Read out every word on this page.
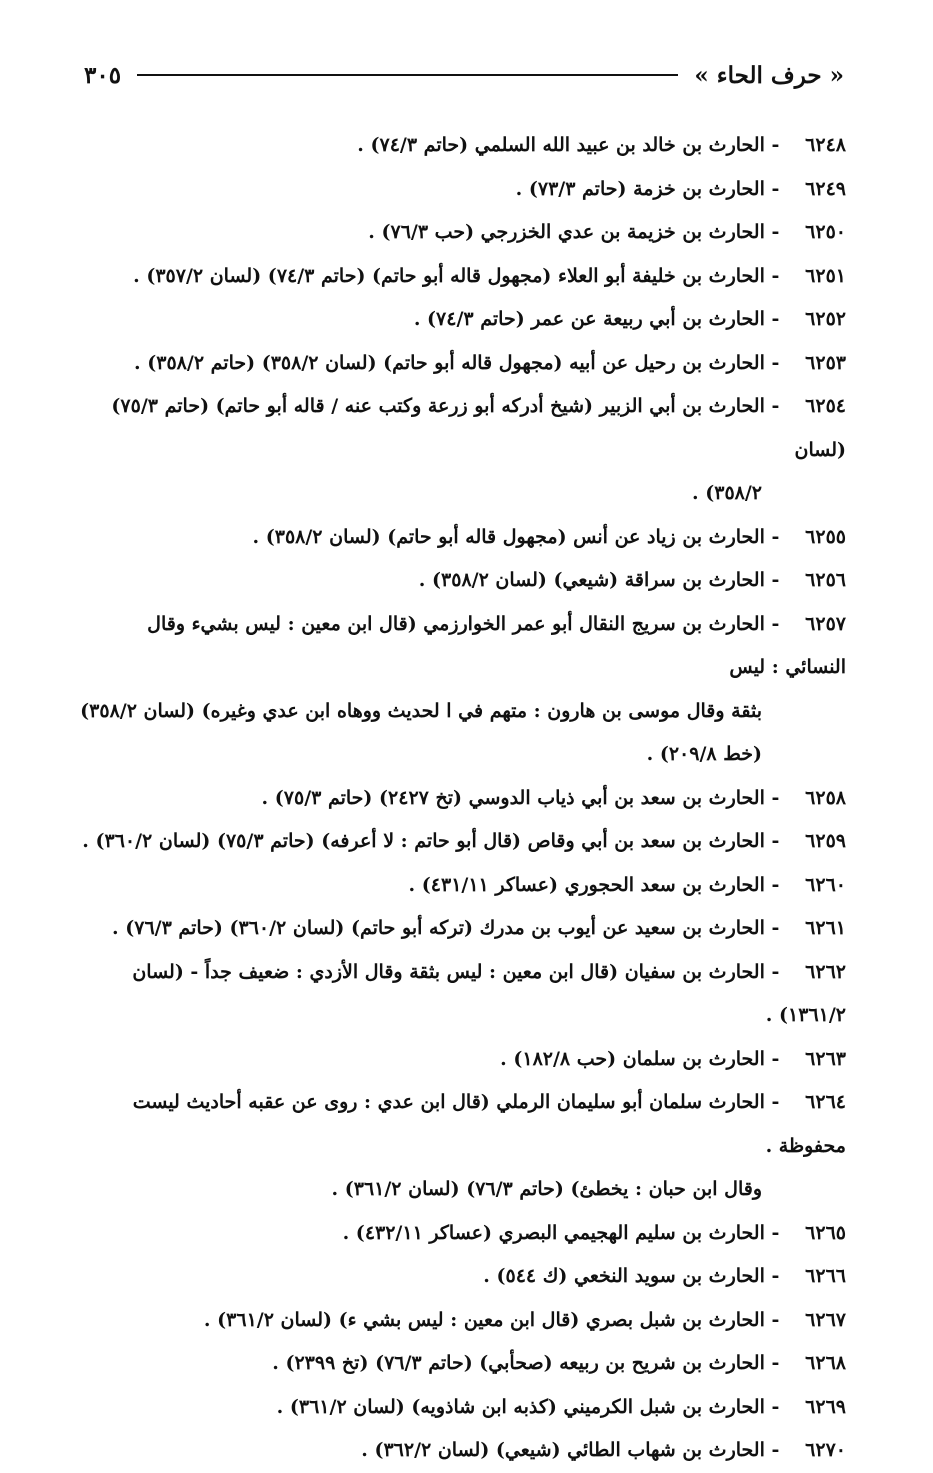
« حرف الحاء »
٣٠٥

٦٢٤٨ - الحارث بن خالد بن عبيد الله السلمي (حاتم ٧٤/٣) .

٦٢٤٩ - الحارث بن خزمة (حاتم ٧٣/٣) .

٦٢٥٠ - الحارث بن خزيمة بن عدي الخزرجي (حب ٧٦/٣) .

٦٢٥١ - الحارث بن خليفة أبو العلاء (مجهول قاله أبو حاتم) (حاتم ٧٤/٣) (لسان ٣٥٧/٢) .

٦٢٥٢ - الحارث بن أبي ربيعة عن عمر (حاتم ٧٤/٣) .

٦٢٥٣ - الحارث بن رحيل عن أبيه (مجهول قاله أبو حاتم) (لسان ٣٥٨/٢) (حاتم ٣٥٨/٢) .

٦٢٥٤ - الحارث بن أبي الزبير (شيخ أدركه أبو زرعة وكتب عنه / قاله أبو حاتم) (حاتم ٧٥/٣) (لسان

٣٥٨/٢) .

٦٢٥٥ - الحارث بن زياد عن أنس (مجهول قاله أبو حاتم) (لسان ٣٥٨/٢) .

٦٢٥٦ - الحارث بن سراقة (شيعي) (لسان ٣٥٨/٢) .

٦٢٥٧ - الحارث بن سريج النقال أبو عمر الخوارزمي (قال ابن معين : ليس بشيء وقال النسائي : ليس

بثقة وقال موسى بن هارون : متهم في ا لحديث ووهاه ابن عدي وغيره) (لسان ٣٥٨/٢)

(خط ٢٠٩/٨) .

٦٢٥٨ - الحارث بن سعد بن أبي ذياب الدوسي (تخ ٢٤٢٧) (حاتم ٧٥/٣) .

٦٢٥٩ - الحارث بن سعد بن أبي وقاص (قال أبو حاتم : لا أعرفه) (حاتم ٧٥/٣) (لسان ٣٦٠/٢) .

٦٢٦٠ - الحارث بن سعد الحجوري (عساكر ٤٣١/١١) .

٦٢٦١ - الحارث بن سعيد عن أيوب بن مدرك (تركه أبو حاتم) (لسان ٣٦٠/٢) (حاتم ٧٦/٣) .

٦٢٦٢ - الحارث بن سفيان (قال ابن معين : ليس بثقة وقال الأزدي : ضعيف جداً - (لسان ١٣٦١/٢) .

٦٢٦٣ - الحارث بن سلمان (حب ١٨٢/٨) .

٦٢٦٤ - الحارث سلمان أبو سليمان الرملي (قال ابن عدي : روى عن عقبه أحاديث ليست محفوظة .

وقال ابن حبان : يخطئ) (حاتم ٧٦/٣) (لسان ٣٦١/٢) .

٦٢٦٥ - الحارث بن سليم الهجيمي البصري (عساكر ٤٣٢/١١) .

٦٢٦٦ - الحارث بن سويد النخعي (ك ٥٤٤) .

٦٢٦٧ - الحارث بن شبل بصري (قال ابن معين : ليس بشي ء) (لسان ٣٦١/٢) .

٦٢٦٨ - الحارث بن شريح بن ربيعه (صحأبي) (حاتم ٧٦/٣) (تخ ٢٣٩٩) .

٦٢٦٩ - الحارث بن شبل الكرميني (كذبه ابن شاذويه) (لسان ٣٦١/٢) .

٦٢٧٠ - الحارث بن شهاب الطائي (شيعي) (لسان ٣٦٢/٢) .
